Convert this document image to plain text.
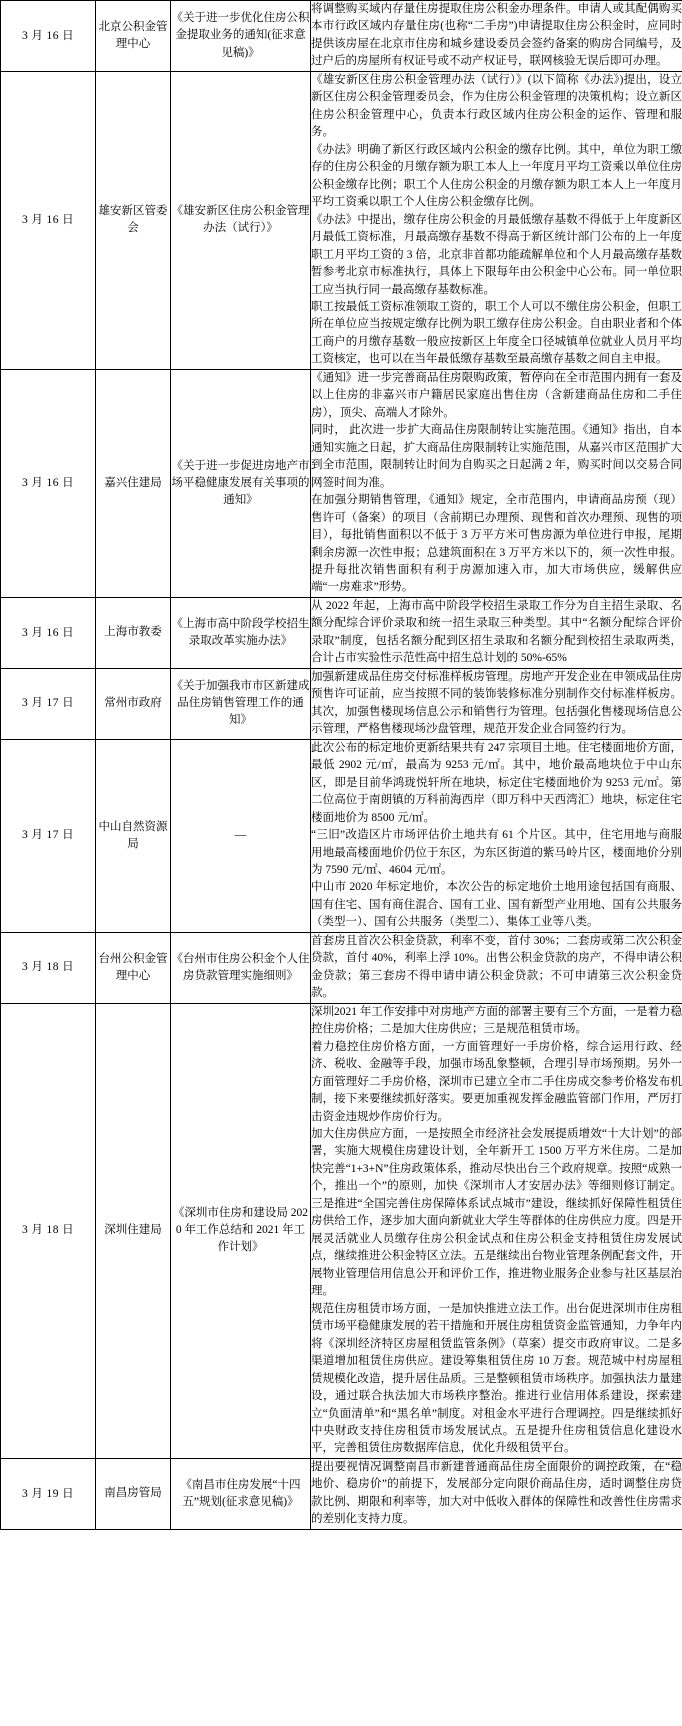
3 月 16 日	北京公积金管理中心	《关于进一步优化住房公积金提取业务的通知(征求意见稿)》	将调整购买域内存量住房提取住房公积金办理条件。申请人或其配偶购买本市行政区域内存量住房(也称“二手房”)申请提取住房公积金时，应同时提供该房屋在北京市住房和城乡建设委员会签约备案的购房合同编号，及过户后的房屋所有权证号或不动产权证号，联网核验无误后即可办理。

3 月 16 日	雄安新区管委会	《雄安新区住房公积金管理办法（试行）》	《雄安新区住房公积金管理办法（试行）》(以下简称《办法》)提出，设立新区住房公积金管理委员会，作为住房公积金管理的决策机构；设立新区住房公积金管理中心，负责本行政区域内住房公积金的运作、管理和服务。

《办法》明确了新区行政区域内公积金的缴存比例。其中，单位为职工缴存的住房公积金的月缴存额为职工本人上一年度月平均工资乘以单位住房公积金缴存比例；职工个人住房公积金的月缴存额为职工本人上一年度月平均工资乘以职工个人住房公积金缴存比例。

《办法》中提出，缴存住房公积金的月最低缴存基数不得低于上年度新区月最低工资标准，月最高缴存基数不得高于新区统计部门公布的上一年度职工月平均工资的 3 倍，北京非首都功能疏解单位和个人月最高缴存基数暂参考北京市标准执行，具体上下限每年由公积金中心公布。同一单位职工应当执行同一最高缴存基数标准。

职工按最低工资标准领取工资的，职工个人可以不缴住房公积金，但职工所在单位应当按规定缴存比例为职工缴存住房公积金。自由职业者和个体工商户的月缴存基数一般应按新区上年度全口径城镇单位就业人员月平均工资核定，也可以在当年最低缴存基数至最高缴存基数之间自主申报。

3 月 16 日	嘉兴住建局	《关于进一步促进房地产市场平稳健康发展有关事项的通知》	《通知》进一步完善商品住房限购政策，暂停向在全市范围内拥有一套及以上住房的非嘉兴市户籍居民家庭出售住房（含新建商品住房和二手住房），顶尖、高端人才除外。

同时， 此次进一步扩大商品住房限制转让实施范围。《通知》指出，自本通知实施之日起，扩大商品住房限制转让实施范围，从嘉兴市区范围扩大到全市范围，限制转让时间为自购买之日起满 2 年，购买时间以交易合同网签时间为准。

在加强分期销售管理，《通知》规定，全市范围内，申请商品房预（现）售许可（备案）的项目（含前期已办理预、现售和首次办理预、现售的项目），每批销售面积以不低于 3 万平方米可售房源为单位进行申报，尾期剩余房源一次性申报；总建筑面积在 3 万平方米以下的，须一次性申报。提升每批次销售面积有利于房源加速入市，加大市场供应，缓解供应端“一房难求”形势。

3 月 16 日	上海市教委	《上海市高中阶段学校招生录取改革实施办法》	从 2022 年起，上海市高中阶段学校招生录取工作分为自主招生录取、名额分配综合评价录取和统一招生录取三种类型。其中“名额分配综合评价录取”制度，包括名额分配到区招生录取和名额分配到校招生录取两类，合计占市实验性示范性高中招生总计划的 50%-65%

3 月 17 日	常州市政府	《关于加强我市市区新建成品住房销售管理工作的通知》	加强新建成品住房交付标准样板房管理。房地产开发企业在申领成品住房预售许可证前，应当按照不同的装饰装修标准分别制作交付标准样板房。其次，加强售楼现场信息公示和销售行为管理。包括强化售楼现场信息公示管理，严格售楼现场沙盘管理，规范开发企业合同签约行为。

3 月 17 日	中山自然资源局	—	此次公布的标定地价更新结果共有 247 宗项目土地。住宅楼面地价方面，最低 2902 元/㎡，最高为 9253 元/㎡。其中，地价最高地块位于中山东区，即是目前华鸿珑悦轩所在地块，标定住宅楼面地价为 9253 元/㎡。第二位高位于南朗镇的万科前海西岸（即万科中天西湾汇）地块，标定住宅楼面地价为 8500 元/㎡。

“三旧”改造区片市场评估价土地共有 61 个片区。其中，住宅用地与商服用地最高楼面地价仍位于东区，为东区街道的紫马岭片区，楼面地价分别为 7590 元/㎡、4604 元/㎡。

中山市 2020 年标定地价，本次公告的标定地价土地用途包括国有商服、国有住宅、国有商住混合、国有工业、国有新型产业用地、国有公共服务（类型一）、国有公共服务（类型二）、集体工业等八类。

3 月 18 日	台州公积金管理中心	《台州市住房公积金个人住房贷款管理实施细则》	首套房且首次公积金贷款，利率不变，首付 30%；二套房或第二次公积金贷款，首付 40%，利率上浮 10%。出售公积金贷款的房产，不得申请公积金贷款；第三套房不得申请申请公积金贷款；不可申请第三次公积金贷款。

3 月 18 日	深圳住建局	《深圳市住房和建设局 2020 年工作总结和 2021 年工作计划》	深圳2021 年工作安排中对房地产方面的部署主要有三个方面，一是着力稳控住房价格；二是加大住房供应；三是规范租赁市场。

着力稳控住房价格方面，一方面管理好一手房价格，综合运用行政、经济、税收、金融等手段，加强市场乱象整顿，合理引导市场预期。另外一方面管理好二手房价格，深圳市已建立全市二手住房成交参考价格发布机制，接下来要继续抓好落实。要更加重视发挥金融监管部门作用，严厉打击资金违规炒作房价行为。

加大住房供应方面，一是按照全市经济社会发展提质增效“十大计划”的部署，实施大规模住房建设计划，全年新开工 1500 万平方米住房。二是加快完善“1+3+N”住房政策体系，推动尽快出台三个政府规章。按照“成熟一个，推出一个”的原则，加快《深圳市人才安居办法》等细则修订制定。三是推进“全国完善住房保障体系试点城市”建设，继续抓好保障性租赁住房供给工作，逐步加大面向新就业大学生等群体的住房供应力度。四是开展灵活就业人员缴存住房公积金试点和住房公积金支持租赁住房发展试点，继续推进公积金特区立法。五是继续出台物业管理条例配套文件，开展物业管理信用信息公开和评价工作，推进物业服务企业参与社区基层治理。

规范住房租赁市场方面，一是加快推进立法工作。出台促进深圳市住房租赁市场平稳健康发展的若干措施和开展住房租赁资金监管通知，力争年内将《深圳经济特区房屋租赁监管条例》（草案）提交市政府审议。二是多渠道增加租赁住房供应。建设筹集租赁住房 10 万套。规范城中村房屋租赁规模化改造，提升居住品质。三是整顿租赁市场秩序。加强执法力量建设，通过联合执法加大市场秩序整治。推进行业信用体系建设，探索建立“负面清单”和“黑名单”制度。对租金水平进行合理调控。四是继续抓好中央财政支持住房租赁市场发展试点。五是提升住房租赁信息化建设水平，完善租赁住房数据库信息，优化升级租赁平台。

3 月 19 日	南昌房管局	《南昌市住房发展“十四五”规划(征求意见稿)》	提出要视情况调整南昌市新建普通商品住房全面限价的调控政策，在“稳地价、稳房价”的前提下，发展部分定向限价商品住房，适时调整住房贷款比例、期限和利率等，加大对中低收入群体的保障性和改善性住房需求的差别化支持力度。
